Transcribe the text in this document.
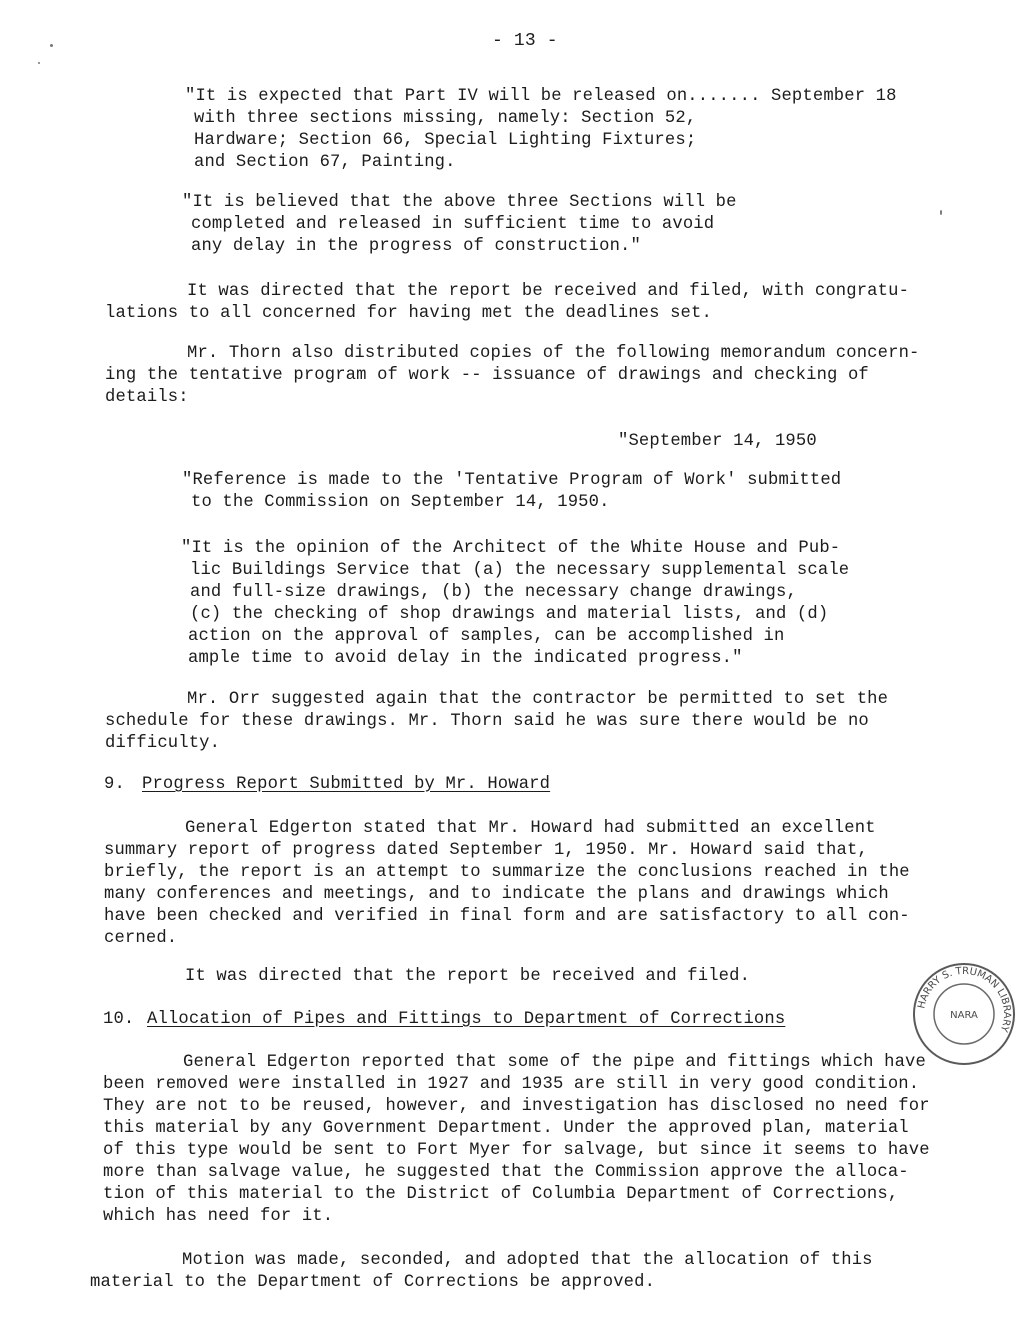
- 13 -
"It is expected that Part IV will be released on....... September 18
with three sections missing, namely: Section 52,
Hardware; Section 66, Special Lighting Fixtures;
and Section 67, Painting.
"It is believed that the above three Sections will be
completed and released in sufficient time to avoid
any delay in the progress of construction."
It was directed that the report be received and filed, with congratu-
lations to all concerned for having met the deadlines set.
Mr. Thorn also distributed copies of the following memorandum concern-
ing the tentative program of work -- issuance of drawings and checking of
details:
"September 14, 1950
"Reference is made to the 'Tentative Program of Work' submitted
to the Commission on September 14, 1950.
"It is the opinion of the Architect of the White House and Pub-
lic Buildings Service that (a) the necessary supplemental scale
and full-size drawings, (b) the necessary change drawings,
(c) the checking of shop drawings and material lists, and (d)
action on the approval of samples, can be accomplished in
ample time to avoid delay in the indicated progress."
Mr. Orr suggested again that the contractor be permitted to set the
schedule for these drawings. Mr. Thorn said he was sure there would be no
difficulty.
9. Progress Report Submitted by Mr. Howard
General Edgerton stated that Mr. Howard had submitted an excellent
summary report of progress dated September 1, 1950. Mr. Howard said that,
briefly, the report is an attempt to summarize the conclusions reached in the
many conferences and meetings, and to indicate the plans and drawings which
have been checked and verified in final form and are satisfactory to all con-
cerned.
It was directed that the report be received and filed.
10. Allocation of Pipes and Fittings to Department of Corrections
General Edgerton reported that some of the pipe and fittings which have
been removed were installed in 1927 and 1935 are still in very good condition.
They are not to be reused, however, and investigation has disclosed no need for
this material by any Government Department. Under the approved plan, material
of this type would be sent to Fort Myer for salvage, but since it seems to have
more than salvage value, he suggested that the Commission approve the alloca-
tion of this material to the District of Columbia Department of Corrections,
which has need for it.
Motion was made, seconded, and adopted that the allocation of this
material to the Department of Corrections be approved.
HARRY S. TRUMAN LIBRARY
NARA
